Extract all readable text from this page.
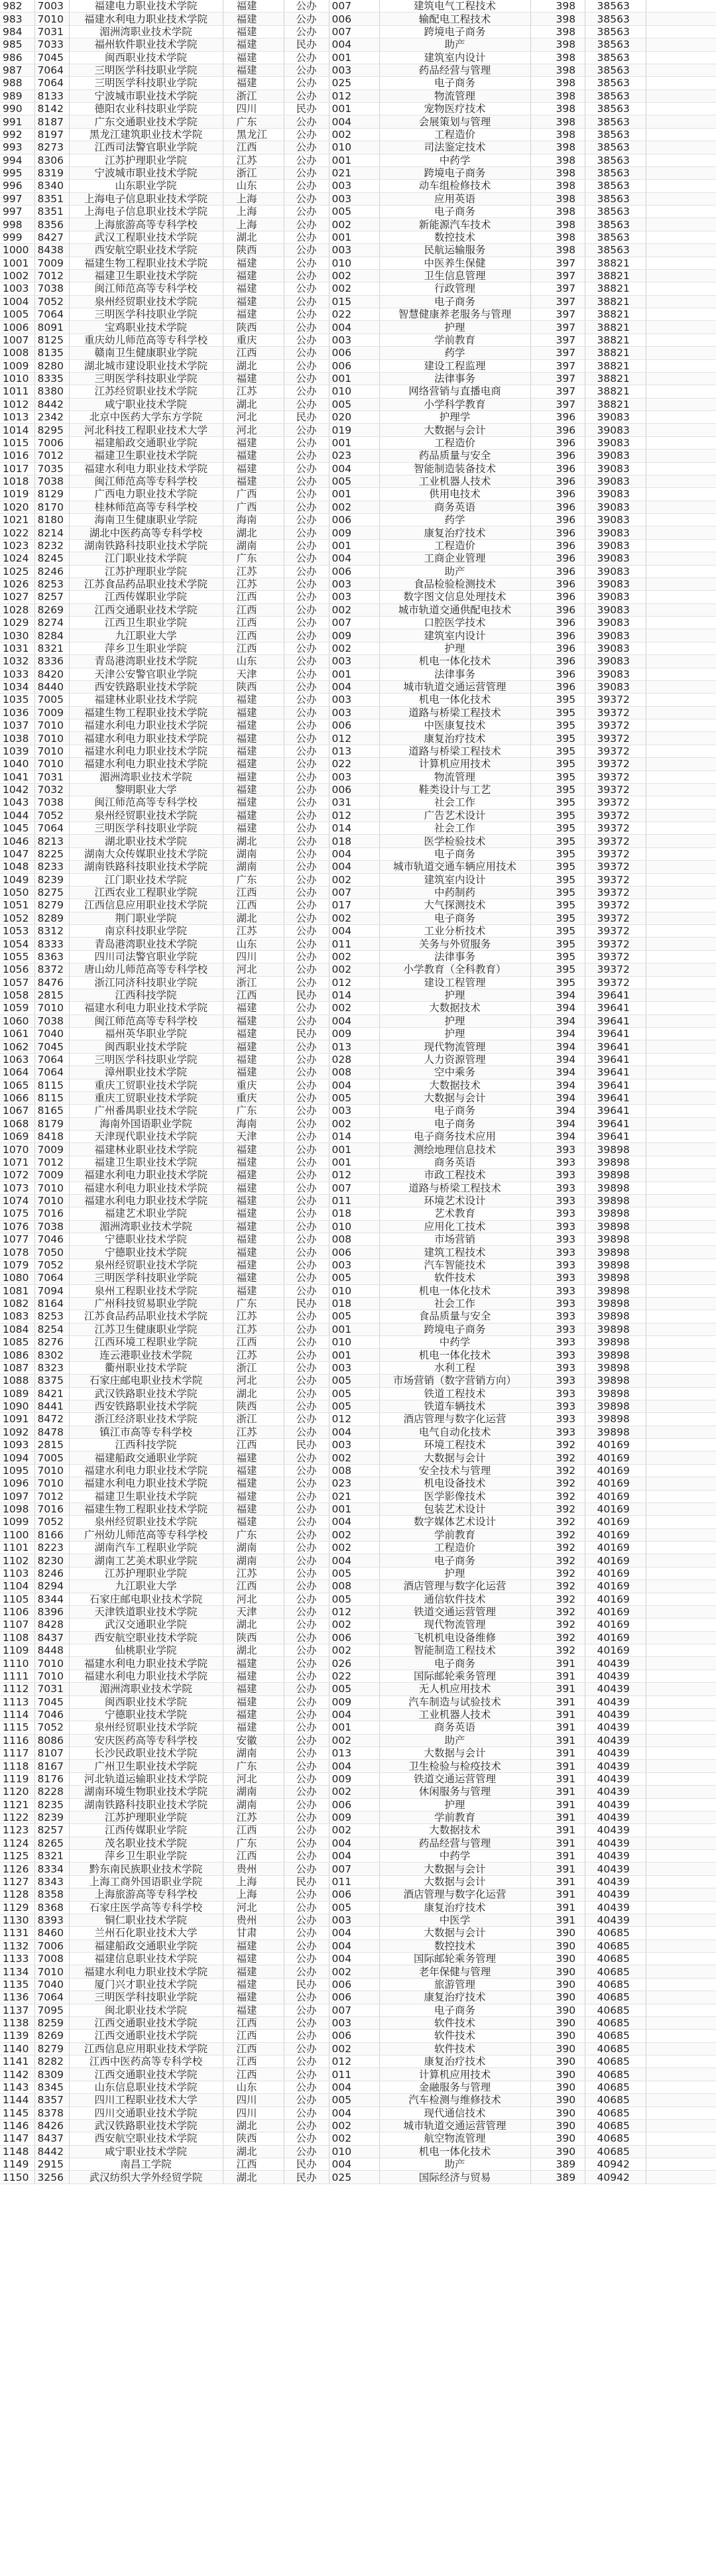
982	7003	福建电力职业技术学院	福建	公办	007	建筑电气工程技术	398	38563	
983	7010	福建水利电力职业技术学院	福建	公办	006	输配电工程技术	398	38563	
984	7031	湄洲湾职业技术学院	福建	公办	007	跨境电子商务	398	38563	
985	7033	福州软件职业技术学院	福建	民办	004	助产	398	38563	
986	7045	闽西职业技术学院	福建	公办	001	建筑室内设计	398	38563	
987	7064	三明医学科技职业学院	福建	公办	003	药品经营与管理	398	38563	
988	7064	三明医学科技职业学院	福建	公办	025	电子商务	398	38563	
989	8133	宁波城市职业技术学院	浙江	公办	012	物流管理	398	38563	
990	8142	德阳农业科技职业学院	四川	民办	001	宠物医疗技术	398	38563	
991	8187	广东交通职业技术学院	广东	公办	004	会展策划与管理	398	38563	
992	8197	黑龙江建筑职业技术学院	黑龙江	公办	002	工程造价	398	38563	
993	8273	江西司法警官职业学院	江西	公办	010	司法鉴定技术	398	38563	
994	8306	江苏护理职业学院	江苏	公办	001	中药学	398	38563	
995	8319	宁波城市职业技术学院	浙江	公办	021	跨境电子商务	398	38563	
996	8340	山东职业学院	山东	公办	003	动车组检修技术	398	38563	
997	8351	上海电子信息职业技术学院	上海	公办	003	应用英语	398	38563	
997	8351	上海电子信息职业技术学院	上海	公办	005	电子商务	398	38563	
998	8356	上海旅游高等专科学校	上海	公办	002	新能源汽车技术	398	38563	
999	8427	武汉工程职业技术学院	湖北	公办	001	数控技术	398	38563	
1000	8438	西安航空职业技术学院	陕西	公办	003	民航运输服务	398	38563	
1001	7009	福建生物工程职业技术学院	福建	公办	010	中医养生保健	397	38821	
1002	7012	福建卫生职业技术学院	福建	公办	002	卫生信息管理	397	38821	
1003	7038	闽江师范高等专科学校	福建	公办	002	行政管理	397	38821	
1004	7052	泉州经贸职业技术学院	福建	公办	015	电子商务	397	38821	
1005	7064	三明医学科技职业学院	福建	公办	022	智慧健康养老服务与管理	397	38821	
1006	8091	宝鸡职业技术学院	陕西	公办	004	护理	397	38821	
1007	8125	重庆幼儿师范高等专科学校	重庆	公办	003	学前教育	397	38821	
1008	8135	赣南卫生健康职业学院	江西	公办	006	药学	397	38821	
1009	8280	湖北城市建设职业技术学院	湖北	公办	006	建设工程监理	397	38821	
1010	8335	三明医学科技职业学院	福建	公办	001	法律事务	397	38821	
1011	8380	江苏经贸职业技术学院	江苏	公办	010	网络营销与直播电商	397	38821	
1012	8442	咸宁职业技术学院	湖北	公办	005	小学科学教育	397	38821	
1013	2342	北京中医药大学东方学院	河北	民办	020	护理学	396	39083	
1014	8295	河北科技工程职业技术大学	河北	公办	019	大数据与会计	396	39083	
1015	7006	福建船政交通职业学院	福建	公办	001	工程造价	396	39083	
1016	7012	福建卫生职业技术学院	福建	公办	023	药品质量与安全	396	39083	
1017	7035	福建水利电力职业技术学院	福建	公办	004	智能制造装备技术	396	39083	
1018	7038	闽江师范高等专科学校	福建	公办	005	工业机器人技术	396	39083	
1019	8129	广西电力职业技术学院	广西	公办	001	供用电技术	396	39083	
1020	8170	桂林师范高等专科学校	广西	公办	002	商务英语	396	39083	
1021	8180	海南卫生健康职业学院	海南	公办	006	药学	396	39083	
1022	8214	湖北中医药高等专科学校	湖北	公办	009	康复治疗技术	396	39083	
1023	8232	湖南铁路科技职业技术学院	湖南	公办	001	工程造价	396	39083	
1024	8245	江门职业技术学院	广东	公办	004	工商企业管理	396	39083	
1025	8246	江苏护理职业学院	江苏	公办	006	助产	396	39083	
1026	8253	江苏食品药品职业技术学院	江苏	公办	003	食品检验检测技术	396	39083	
1027	8257	江西传媒职业学院	江西	公办	003	数字图文信息处理技术	396	39083	
1028	8269	江西交通职业技术学院	江西	公办	002	城市轨道交通供配电技术	396	39083	
1029	8274	江西卫生职业学院	江西	公办	007	口腔医学技术	396	39083	
1030	8284	九江职业大学	江西	公办	009	建筑室内设计	396	39083	
1031	8321	萍乡卫生职业学院	江西	公办	002	护理	396	39083	
1032	8336	青岛港湾职业技术学院	山东	公办	003	机电一体化技术	396	39083	
1033	8420	天津公安警官职业学院	天津	公办	001	法律事务	396	39083	
1034	8440	西安铁路职业技术学院	陕西	公办	004	城市轨道交通运营管理	396	39083	
1035	7005	福建林业职业技术学院	福建	公办	003	机电一体化技术	395	39372	
1036	7009	福建生物工程职业技术学院	福建	公办	003	道路与桥梁工程技术	395	39372	
1037	7010	福建水利电力职业技术学院	福建	公办	006	中医康复技术	395	39372	
1038	7010	福建水利电力职业技术学院	福建	公办	012	康复治疗技术	395	39372	
1039	7010	福建水利电力职业技术学院	福建	公办	013	道路与桥梁工程技术	395	39372	
1040	7010	福建水利电力职业技术学院	福建	公办	022	计算机应用技术	395	39372	
1041	7031	湄洲湾职业技术学院	福建	公办	003	物流管理	395	39372	
1042	7032	黎明职业大学	福建	公办	006	鞋类设计与工艺	395	39372	
1043	7038	闽江师范高等专科学校	福建	公办	031	社会工作	395	39372	
1044	7052	泉州经贸职业技术学院	福建	公办	012	广告艺术设计	395	39372	
1045	7064	三明医学科技职业学院	福建	公办	014	社会工作	395	39372	
1046	8213	湖北职业技术学院	湖北	公办	018	医学检验技术	395	39372	
1047	8225	湖南大众传媒职业技术学院	湖南	公办	004	电子商务	395	39372	
1048	8233	湖南铁路科技职业技术学院	湖南	公办	004	城市轨道交通车辆应用技术	395	39372	
1049	8239	江门职业技术学院	广东	公办	002	建筑室内设计	395	39372	
1050	8275	江西农业工程职业学院	江西	公办	007	中药制药	395	39372	
1051	8279	江西信息应用职业技术学院	江西	公办	017	大气探测技术	395	39372	
1052	8289	荆门职业学院	湖北	公办	002	电子商务	395	39372	
1053	8312	南京科技职业学院	江苏	公办	004	工业分析技术	395	39372	
1054	8333	青岛港湾职业技术学院	山东	公办	011	关务与外贸服务	395	39372	
1055	8363	四川司法警官职业学院	四川	公办	002	法律事务	395	39372	
1056	8372	唐山幼儿师范高等专科学校	河北	公办	002	小学教育（全科教育）	395	39372	
1057	8476	浙江同济科技职业学院	浙江	公办	012	建设工程管理	395	39372	
1058	2815	江西科技学院	江西	民办	014	护理	394	39641	
1059	7010	福建水利电力职业技术学院	福建	公办	002	大数据技术	394	39641	
1060	7038	闽江师范高等专科学校	福建	公办	004	护理	394	39641	
1061	7040	福州英华职业学院	福建	民办	009	护理	394	39641	
1062	7045	闽西职业技术学院	福建	公办	013	现代物流管理	394	39641	
1063	7064	三明医学科技职业学院	福建	公办	028	人力资源管理	394	39641	
1064	7064	漳州职业技术学院	福建	公办	008	空中乘务	394	39641	
1065	8115	重庆工贸职业技术学院	重庆	公办	004	大数据技术	394	39641	
1066	8115	重庆工贸职业技术学院	重庆	公办	005	大数据与会计	394	39641	
1067	8165	广州番禺职业技术学院	广东	公办	003	电子商务	394	39641	
1068	8179	海南外国语职业学院	海南	公办	002	电子商务	394	39641	
1069	8418	天津现代职业技术学院	天津	公办	014	电子商务技术应用	394	39641	
1070	7009	福建林业职业技术学院	福建	公办	001	测绘地理信息技术	393	39898	
1071	7012	福建卫生职业技术学院	福建	公办	001	商务英语	393	39898	
1072	7009	福建水利电力职业技术学院	福建	公办	012	市政工程技术	393	39898	
1073	7010	福建水利电力职业技术学院	福建	公办	007	道路与桥梁工程技术	393	39898	
1074	7010	福建水利电力职业技术学院	福建	公办	011	环境艺术设计	393	39898	
1075	7016	福建艺术职业学院	福建	公办	018	艺术教育	393	39898	
1076	7038	湄洲湾职业技术学院	福建	公办	010	应用化工技术	393	39898	
1077	7046	宁德职业技术学院	福建	公办	008	市场营销	393	39898	
1078	7050	宁德职业技术学院	福建	公办	006	建筑工程技术	393	39898	
1079	7052	泉州经贸职业技术学院	福建	公办	003	汽车智能技术	393	39898	
1080	7064	三明医学科技职业学院	福建	公办	005	软件技术	393	39898	
1081	7094	泉州工程职业技术学院	福建	公办	010	机电一体化技术	393	39898	
1082	8164	广州科技贸易职业学院	广东	民办	018	社会工作	393	39898	
1083	8253	江苏食品药品职业技术学院	江苏	公办	005	食品质量与安全	393	39898	
1084	8254	江苏卫生健康职业学院	江苏	公办	001	跨境电子商务	393	39898	
1085	8276	江西环境工程职业学院	江西	公办	010	中药学	393	39898	
1086	8302	连云港职业技术学院	江苏	公办	001	机电一体化技术	393	39898	
1087	8323	衢州职业技术学院	浙江	公办	003	水利工程	393	39898	
1088	8375	石家庄邮电职业技术学院	河北	公办	005	市场营销（数字营销方向）	393	39898	
1089	8421	武汉铁路职业技术学院	湖北	公办	005	铁道工程技术	393	39898	
1090	8441	西安铁路职业技术学院	陕西	公办	005	铁道车辆技术	393	39898	
1091	8472	浙江经济职业技术学院	浙江	公办	012	酒店管理与数字化运营	393	39898	
1092	8478	镇江市高等专科学校	江苏	公办	004	电气自动化技术	393	39898	
1093	2815	江西科技学院	江西	民办	003	环境工程技术	392	40169	
1094	7005	福建船政交通职业学院	福建	公办	002	大数据与会计	392	40169	
1095	7010	福建水利电力职业技术学院	福建	公办	008	安全技术与管理	392	40169	
1096	7010	福建水利电力职业技术学院	福建	公办	023	机电设备技术	392	40169	
1097	7012	福建卫生职业技术学院	福建	公办	021	医学影像技术	392	40169	
1098	7016	福建生物工程职业技术学院	福建	公办	001	包装艺术设计	392	40169	
1099	7052	泉州经贸职业技术学院	福建	公办	004	数字媒体艺术设计	392	40169	
1100	8166	广州幼儿师范高等专科学校	广东	公办	002	学前教育	392	40169	
1101	8223	湖南汽车工程职业学院	湖南	公办	002	工程造价	392	40169	
1102	8230	湖南工艺美术职业学院	湖南	公办	004	电子商务	392	40169	
1103	8246	江苏护理职业学院	江苏	公办	005	护理	392	40169	
1104	8294	九江职业大学	江西	公办	008	酒店管理与数字化运营	392	40169	
1105	8344	石家庄邮电职业技术学院	河北	公办	005	通信软件技术	392	40169	
1106	8396	天津铁道职业技术学院	天津	公办	012	铁道交通运营管理	392	40169	
1107	8428	武汉交通职业学院	湖北	公办	002	现代物流管理	392	40169	
1108	8437	西安航空职业技术学院	陕西	公办	006	飞机机电设备维修	392	40169	
1109	8448	仙桃职业学院	湖北	公办	002	智能制造工程技术	392	40169	
1110	7010	福建水利电力职业技术学院	福建	公办	026	电子商务	391	40439	
1111	7010	福建水利电力职业技术学院	福建	公办	022	国际邮轮乘务管理	391	40439	
1112	7031	湄洲湾职业技术学院	福建	公办	005	无人机应用技术	391	40439	
1113	7045	闽西职业技术学院	福建	公办	009	汽车制造与试验技术	391	40439	
1114	7046	宁德职业技术学院	福建	公办	004	工业机器人技术	391	40439	
1115	7052	泉州经贸职业技术学院	福建	公办	001	商务英语	391	40439	
1116	8086	安庆医药高等专科学校	安徽	公办	002	助产	391	40439	
1117	8107	长沙民政职业技术学院	湖南	公办	013	大数据与会计	391	40439	
1118	8167	广州卫生职业技术学院	广东	公办	004	卫生检验与检疫技术	391	40439	
1119	8176	河北轨道运输职业技术学院	河北	公办	009	铁道交通运营管理	391	40439	
1120	8228	湖南环境生物职业技术学院	湖南	公办	002	休闲服务与管理	391	40439	
1121	8235	湖南铁路科技职业技术学院	湖南	公办	006	护理	391	40439	
1122	8239	江苏护理职业学院	江苏	公办	009	学前教育	391	40439	
1123	8257	江西传媒职业学院	江西	公办	002	大数据技术	391	40439	
1124	8265	茂名职业技术学院	广东	公办	004	药品经营与管理	391	40439	
1125	8321	萍乡卫生职业学院	江西	公办	004	中药学	391	40439	
1126	8334	黔东南民族职业技术学院	贵州	公办	007	大数据与会计	391	40439	
1127	8343	上海工商外国语职业学院	上海	民办	011	大数据与会计	391	40439	
1128	8358	上海旅游高等专科学校	上海	公办	006	酒店管理与数字化运营	391	40439	
1129	8368	石家庄医学高等专科学校	河北	公办	005	康复治疗技术	391	40439	
1130	8393	铜仁职业技术学院	贵州	公办	003	中医学	391	40439	
1131	8460	兰州石化职业技术大学	甘肃	公办	004	大数据与会计	390	40685	
1132	7006	福建船政交通职业学院	福建	公办	004	数控技术	390	40685	
1133	7008	福建信息职业技术学院	福建	公办	004	国际邮轮乘务管理	390	40685	
1134	7010	福建水利电力职业技术学院	福建	公办	002	老年保健与管理	390	40685	
1135	7040	厦门兴才职业技术学院	福建	民办	006	旅游管理	390	40685	
1136	7064	三明医学科技职业学院	福建	公办	006	康复治疗技术	390	40685	
1137	7095	闽北职业技术学院	福建	公办	007	电子商务	390	40685	
1138	8259	江西交通职业技术学院	江西	公办	003	软件技术	390	40685	
1139	8269	江西交通职业技术学院	江西	公办	006	软件技术	390	40685	
1140	8279	江西信息应用职业技术学院	江西	公办	002	软件技术	390	40685	
1141	8282	江西中医药高等专科学校	江西	公办	012	康复治疗技术	390	40685	
1142	8309	江西交通职业技术学院	江西	公办	011	计算机应用技术	390	40685	
1143	8345	山东信息职业技术学院	山东	公办	004	金融服务与管理	390	40685	
1144	8357	四川工程职业技术大学	四川	公办	005	汽车检测与维修技术	390	40685	
1145	8378	四川交通职业技术学院	四川	公办	004	现代通信技术	390	40685	
1146	8426	武汉铁路职业技术学院	湖北	公办	002	城市轨道交通运营管理	390	40685	
1147	8437	西安航空职业技术学院	陕西	公办	002	航空物流管理	390	40685	
1148	8442	咸宁职业技术学院	湖北	公办	010	机电一体化技术	390	40685	
1149	2915	南昌工学院	江西	民办	004	助产	389	40942	
1150	3256	武汉纺织大学外经贸学院	湖北	民办	025	国际经济与贸易	389	40942	
